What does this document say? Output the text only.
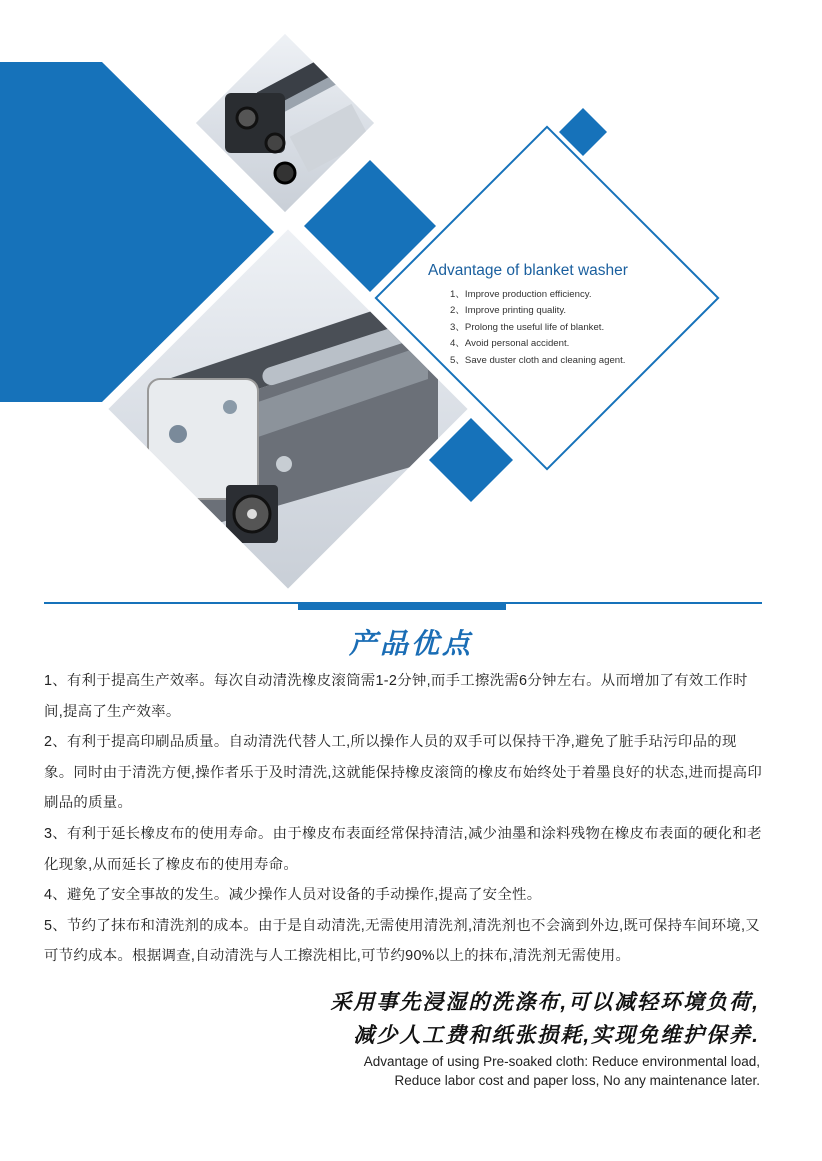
Advantage of blanket washer
1、Improve production efficiency.
2、Improve printing quality.
3、Prolong the useful life of blanket.
4、Avoid personal accident.
5、Save duster cloth and cleaning agent.
产品优点

1、有利于提高生产效率。每次自动清洗橡皮滚筒需1-2分钟,而手工擦洗需6分钟左右。从而增加了有效工作时间,提高了生产效率。

2、有利于提高印刷品质量。自动清洗代替人工,所以操作人员的双手可以保持干净,避免了脏手玷污印品的现象。同时由于清洗方便,操作者乐于及时清洗,这就能保持橡皮滚筒的橡皮布始终处于着墨良好的状态,进而提高印刷品的质量。

3、有利于延长橡皮布的使用寿命。由于橡皮布表面经常保持清洁,减少油墨和涂料残物在橡皮布表面的硬化和老化现象,从而延长了橡皮布的使用寿命。

4、避免了安全事故的发生。减少操作人员对设备的手动操作,提高了安全性。

5、节约了抹布和清洗剂的成本。由于是自动清洗,无需使用清洗剂,清洗剂也不会滴到外边,既可保持车间环境,又可节约成本。根据调查,自动清洗与人工擦洗相比,可节约90%以上的抹布,清洗剂无需使用。

采用事先浸湿的洗涤布,可以减轻环境负荷,
减少人工费和纸张损耗,实现免维护保养.
Advantage of using Pre-soaked cloth: Reduce environmental load,
Reduce labor cost and paper loss, No any maintenance later.
